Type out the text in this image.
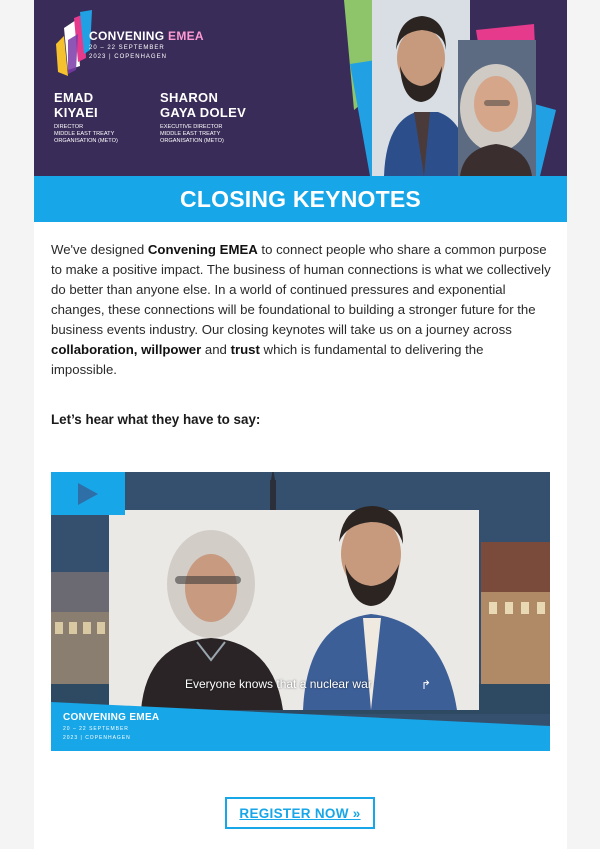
CONVENING EMEA
20 – 22 SEPTEMBER
2023 | COPENHAGEN
EMAD
KIYAEI
DIRECTOR
MIDDLE EAST TREATY
ORGANISATION (METO)
SHARON
GAYA DOLEV
EXECUTIVE DIRECTOR
MIDDLE EAST TREATY
ORGANISATION (METO)
CLOSING KEYNOTES

We've designed Convening EMEA to connect people who share a common purpose to make a positive impact. The business of human connections is what we collectively do better than anyone else. In a world of continued pressures and exponential changes, these connections will be foundational to building a stronger future for the business events industry. Our closing keynotes will take us on a journey across collaboration, willpower and trust which is fundamental to delivering the impossible.

Let’s hear what they have to say:
Everyone knows that a nuclear war	↱
CONVENING EMEA
20 – 22 SEPTEMBER
2023 | COPENHAGEN
REGISTER NOW »
